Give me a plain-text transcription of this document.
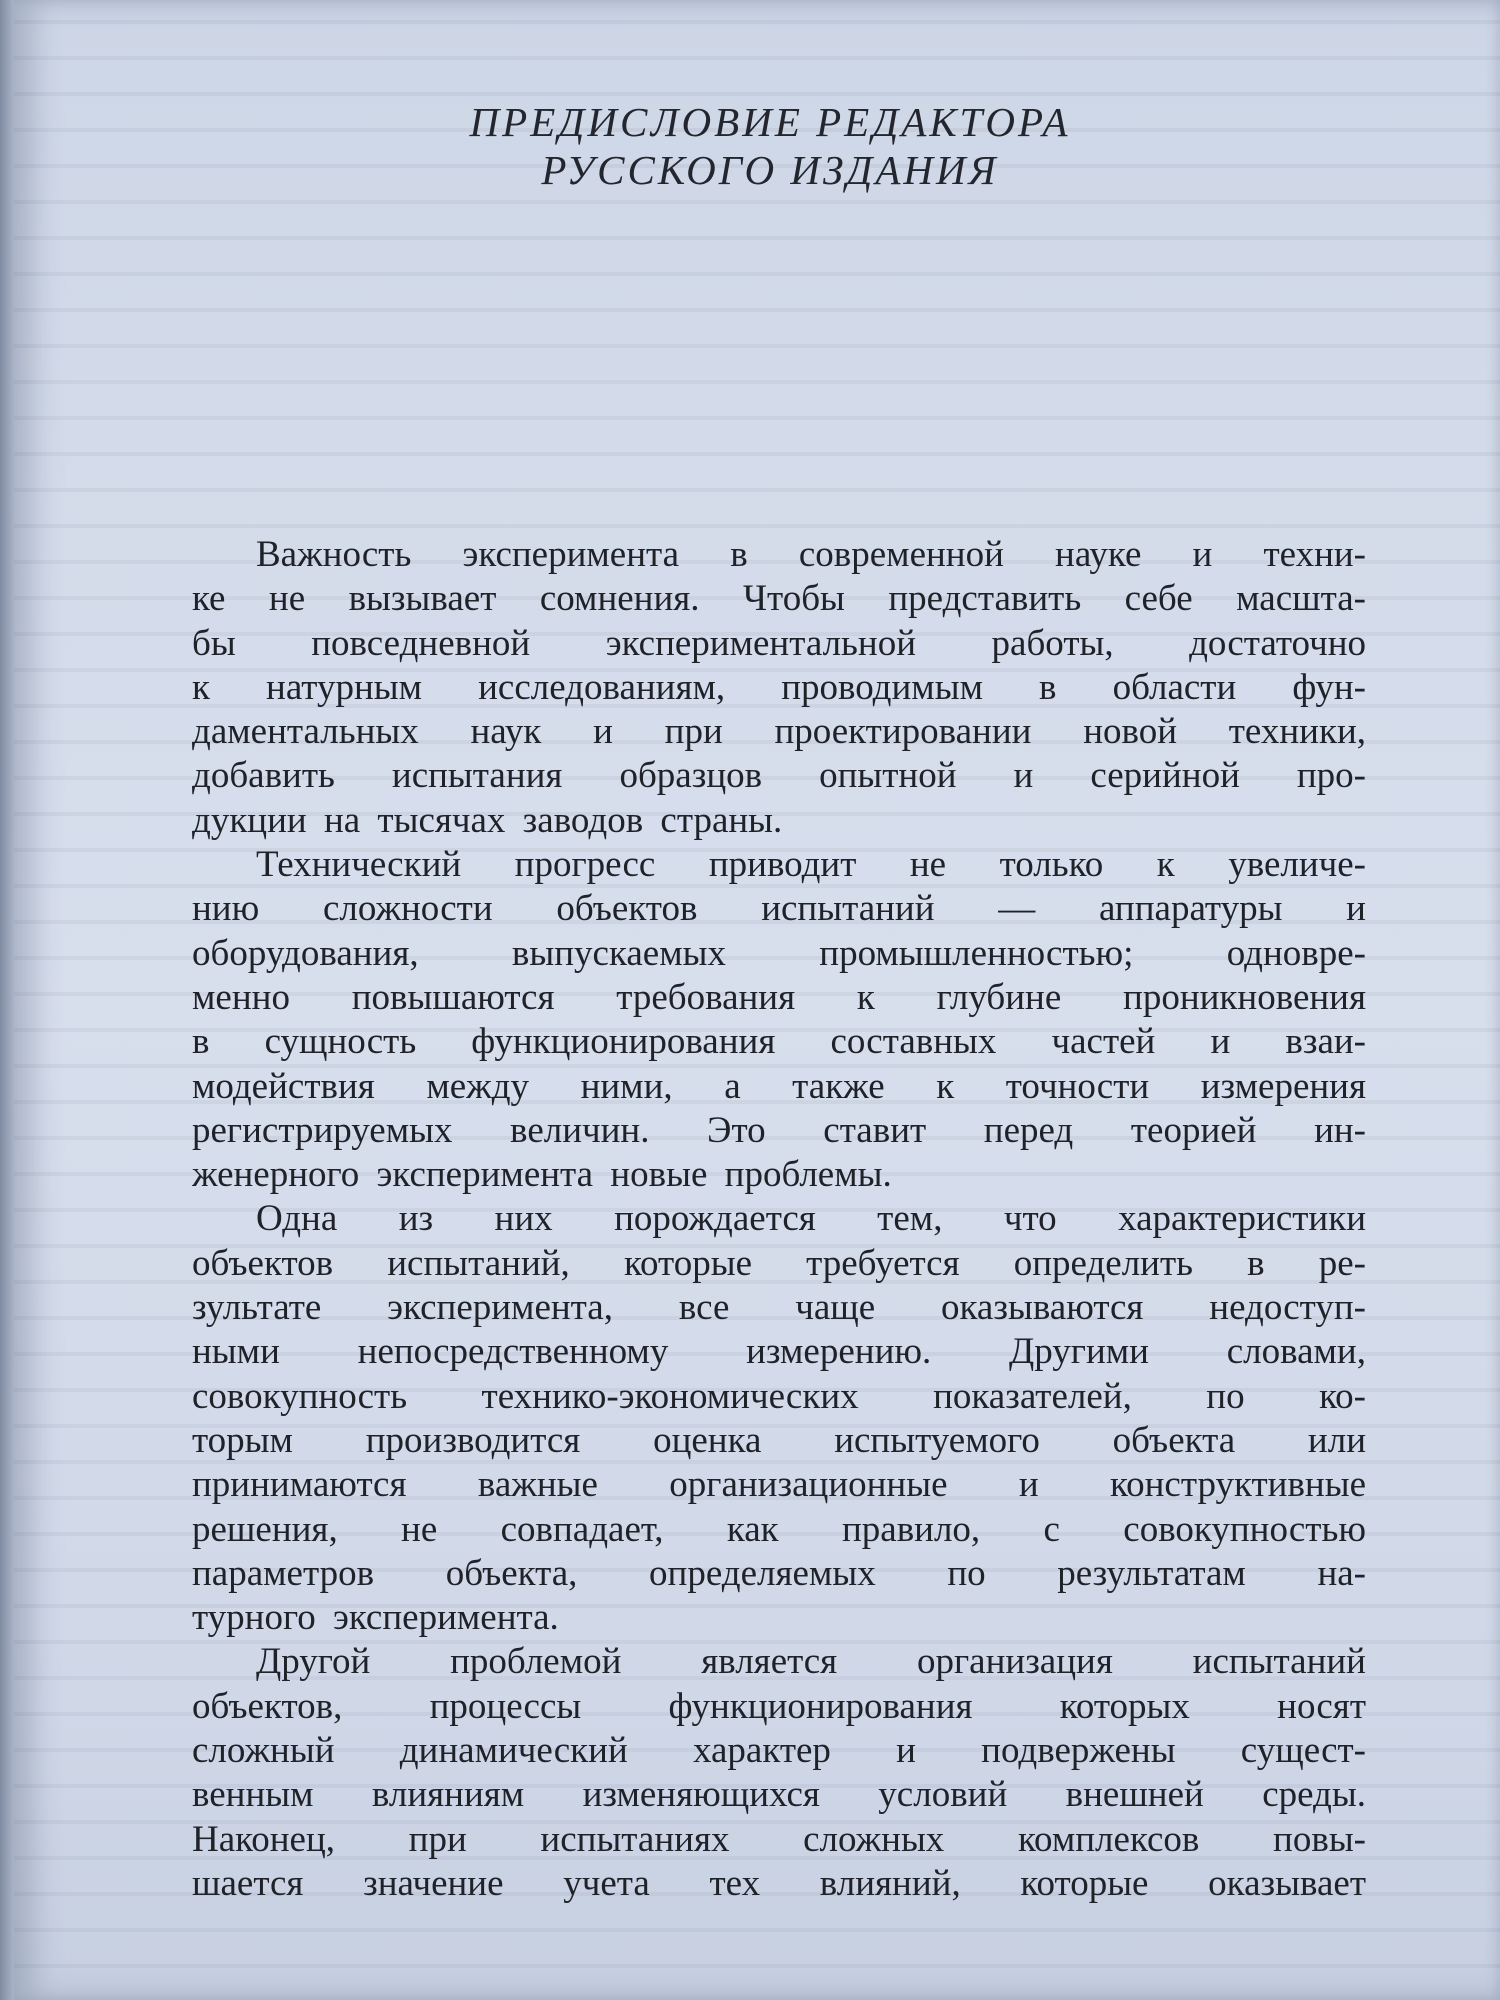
ПРЕДИСЛОВИЕ РЕДАКТОРА
РУССКОГО ИЗДАНИЯ
Важность эксперимента в современной науке и техни-
ке не вызывает сомнения. Чтобы представить себе масшта-
бы повседневной экспериментальной работы, достаточно
к натурным исследованиям, проводимым в области фун-
даментальных наук и при проектировании новой техники,
добавить испытания образцов опытной и серийной про-
дукции на тысячах заводов страны.
Технический прогресс приводит не только к увеличе-
нию сложности объектов испытаний — аппаратуры и
оборудования, выпускаемых промышленностью; одновре-
менно повышаются требования к глубине проникновения
в сущность функционирования составных частей и взаи-
модействия между ними, а также к точности измерения
регистрируемых величин. Это ставит перед теорией ин-
женерного эксперимента новые проблемы.
Одна из них порождается тем, что характеристики
объектов испытаний, которые требуется определить в ре-
зультате эксперимента, все чаще оказываются недоступ-
ными непосредственному измерению. Другими словами,
совокупность технико-экономических показателей, по ко-
торым производится оценка испытуемого объекта или
принимаются важные организационные и конструктивные
решения, не совпадает, как правило, с совокупностью
параметров объекта, определяемых по результатам на-
турного эксперимента.
Другой проблемой является организация испытаний
объектов, процессы функционирования которых носят
сложный динамический характер и подвержены сущест-
венным влияниям изменяющихся условий внешней среды.
Наконец, при испытаниях сложных комплексов повы-
шается значение учета тех влияний, которые оказывает
